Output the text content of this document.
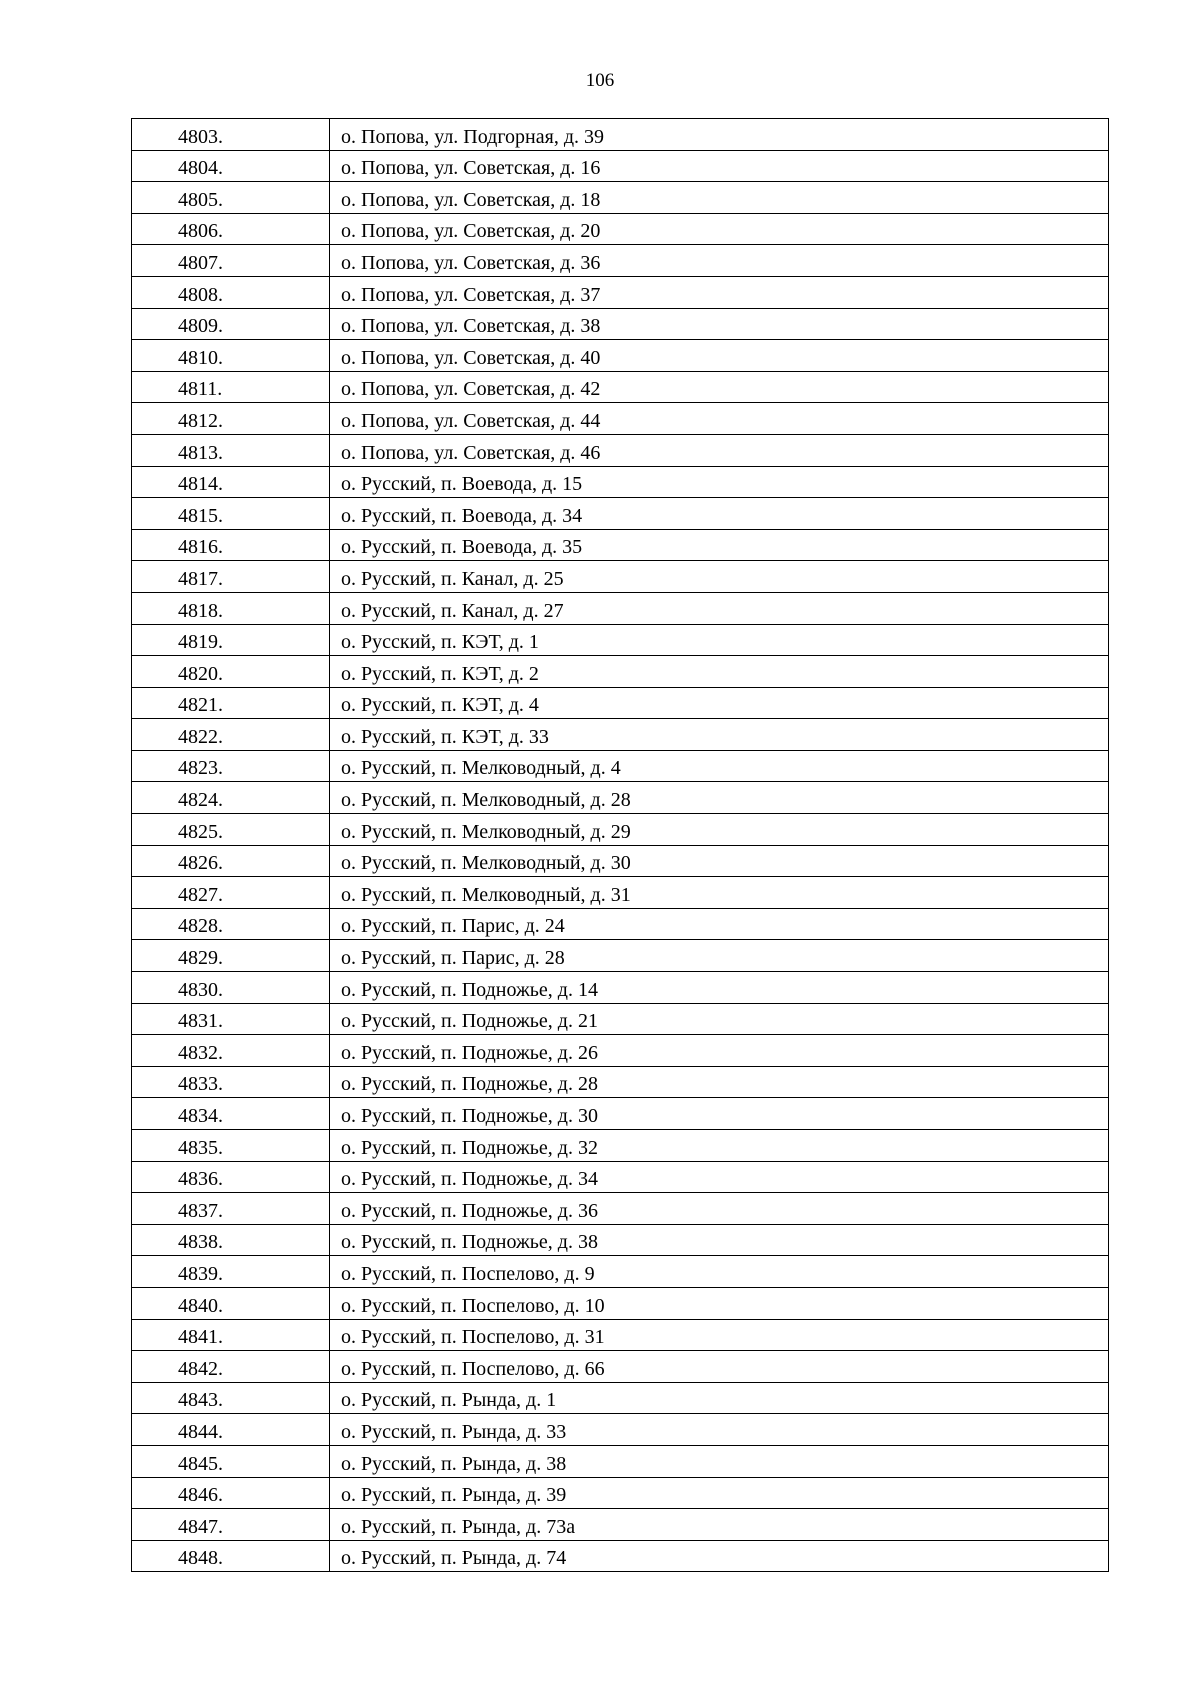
106
4803.	о. Попова, ул. Подгорная, д. 39
4804.	о. Попова, ул. Советская, д. 16
4805.	о. Попова, ул. Советская, д. 18
4806.	о. Попова, ул. Советская, д. 20
4807.	о. Попова, ул. Советская, д. 36
4808.	о. Попова, ул. Советская, д. 37
4809.	о. Попова, ул. Советская, д. 38
4810.	о. Попова, ул. Советская, д. 40
4811.	о. Попова, ул. Советская, д. 42
4812.	о. Попова, ул. Советская, д. 44
4813.	о. Попова, ул. Советская, д. 46
4814.	о. Русский, п. Воевода, д. 15
4815.	о. Русский, п. Воевода, д. 34
4816.	о. Русский, п. Воевода, д. 35
4817.	о. Русский, п. Канал, д. 25
4818.	о. Русский, п. Канал, д. 27
4819.	о. Русский, п. КЭТ, д. 1
4820.	о. Русский, п. КЭТ, д. 2
4821.	о. Русский, п. КЭТ, д. 4
4822.	о. Русский, п. КЭТ, д. 33
4823.	о. Русский, п. Мелководный, д. 4
4824.	о. Русский, п. Мелководный, д. 28
4825.	о. Русский, п. Мелководный, д. 29
4826.	о. Русский, п. Мелководный, д. 30
4827.	о. Русский, п. Мелководный, д. 31
4828.	о. Русский, п. Парис, д. 24
4829.	о. Русский, п. Парис, д. 28
4830.	о. Русский, п. Подножье, д. 14
4831.	о. Русский, п. Подножье, д. 21
4832.	о. Русский, п. Подножье, д. 26
4833.	о. Русский, п. Подножье, д. 28
4834.	о. Русский, п. Подножье, д. 30
4835.	о. Русский, п. Подножье, д. 32
4836.	о. Русский, п. Подножье, д. 34
4837.	о. Русский, п. Подножье, д. 36
4838.	о. Русский, п. Подножье, д. 38
4839.	о. Русский, п. Поспелово, д. 9
4840.	о. Русский, п. Поспелово, д. 10
4841.	о. Русский, п. Поспелово, д. 31
4842.	о. Русский, п. Поспелово, д. 66
4843.	о. Русский, п. Рында, д. 1
4844.	о. Русский, п. Рында, д. 33
4845.	о. Русский, п. Рында, д. 38
4846.	о. Русский, п. Рында, д. 39
4847.	о. Русский, п. Рында, д. 73а
4848.	о. Русский, п. Рында, д. 74
